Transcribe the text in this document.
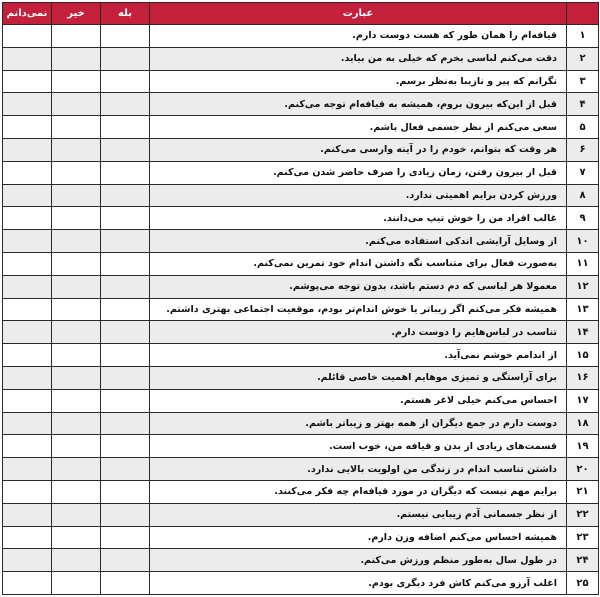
	عبارت	بله	خیر	نمی‌دانم
۱	قیافه‌ام را همان طور که هست دوست دارم.			
۲	دقت می‌کنم لباسی بخرم که خیلی به من بیاید.			
۳	نگرانم که پیر و نازیبا به‌نظر برسم.			
۴	قبل از این‌که بیرون بروم، همیشه به قیافه‌ام توجه می‌کنم.			
۵	سعی می‌کنم از نظر جسمی فعال باشم.			
۶	هر وقت که بتوانم، خودم را در آینه وارسی می‌کنم.			
۷	قبل از بیرون رفتن، زمان زیادی را صرف حاضر شدن می‌کنم.			
۸	ورزش کردن برایم اهمیتی ندارد.			
۹	غالب افراد من را خوش تیپ می‌دانند.			
۱۰	از وسایل آرایشی اندکی استفاده می‌کنم.			
۱۱	به‌صورت فعال برای متناسب نگه داشتن اندام خود تمرین نمی‌کنم.			
۱۲	معمولا هر لباسی که دم دستم باشد، بدون توجه می‌پوشم.			
۱۳	همیشه فکر می‌کنم اگر زیباتر یا خوش اندام‌تر بودم، موقعیت اجتماعی بهتری داشتم.			
۱۴	تناسب در لباس‌هایم را دوست دارم.			
۱۵	از اندامم خوشم نمی‌آید.			
۱۶	برای آراستگی و تمیزی موهایم اهمیت خاصی قائلم.			
۱۷	احساس می‌کنم خیلی لاغر هستم.			
۱۸	دوست دارم در جمع دیگران از همه بهتر و زیباتر باشم.			
۱۹	قسمت‌های زیادی از بدن و قیافه من، خوب است.			
۲۰	داشتن تناسب اندام در زندگی من اولویت بالایی ندارد.			
۲۱	برایم مهم نیست که دیگران در مورد قیافه‌ام چه فکر می‌کنند.			
۲۲	از نظر جسمانی آدم زیبایی نیستم.			
۲۳	همیشه احساس می‌کنم اضافه وزن دارم.			
۲۴	در طول سال به‌طور منظم ورزش می‌کنم.			
۲۵	اغلب آرزو می‌کنم کاش فرد دیگری بودم.			
